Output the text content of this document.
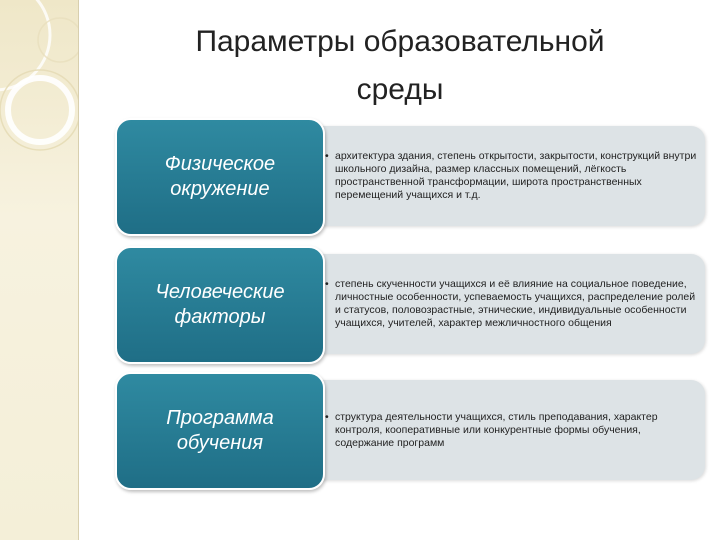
Параметры образовательной
среды
Физическое
окружение
• архитектура здания, степень открытости, закрытости, конструкций внутри школьного дизайна, размер классных помещений, лёгкость пространственной трансформации, широта пространственных перемещений учащихся и т.д.
Человеческие
факторы
• степень скученности учащихся и её влияние на социальное поведение, личностные особенности, успеваемость учащихся, распределение ролей и статусов, половозрастные, этнические, индивидуальные особенности учащихся, учителей, характер межличностного общения
Программа
обучения
• структура деятельности учащихся, стиль преподавания, характер контроля, кооперативные или конкурентные формы обучения, содержание программ
